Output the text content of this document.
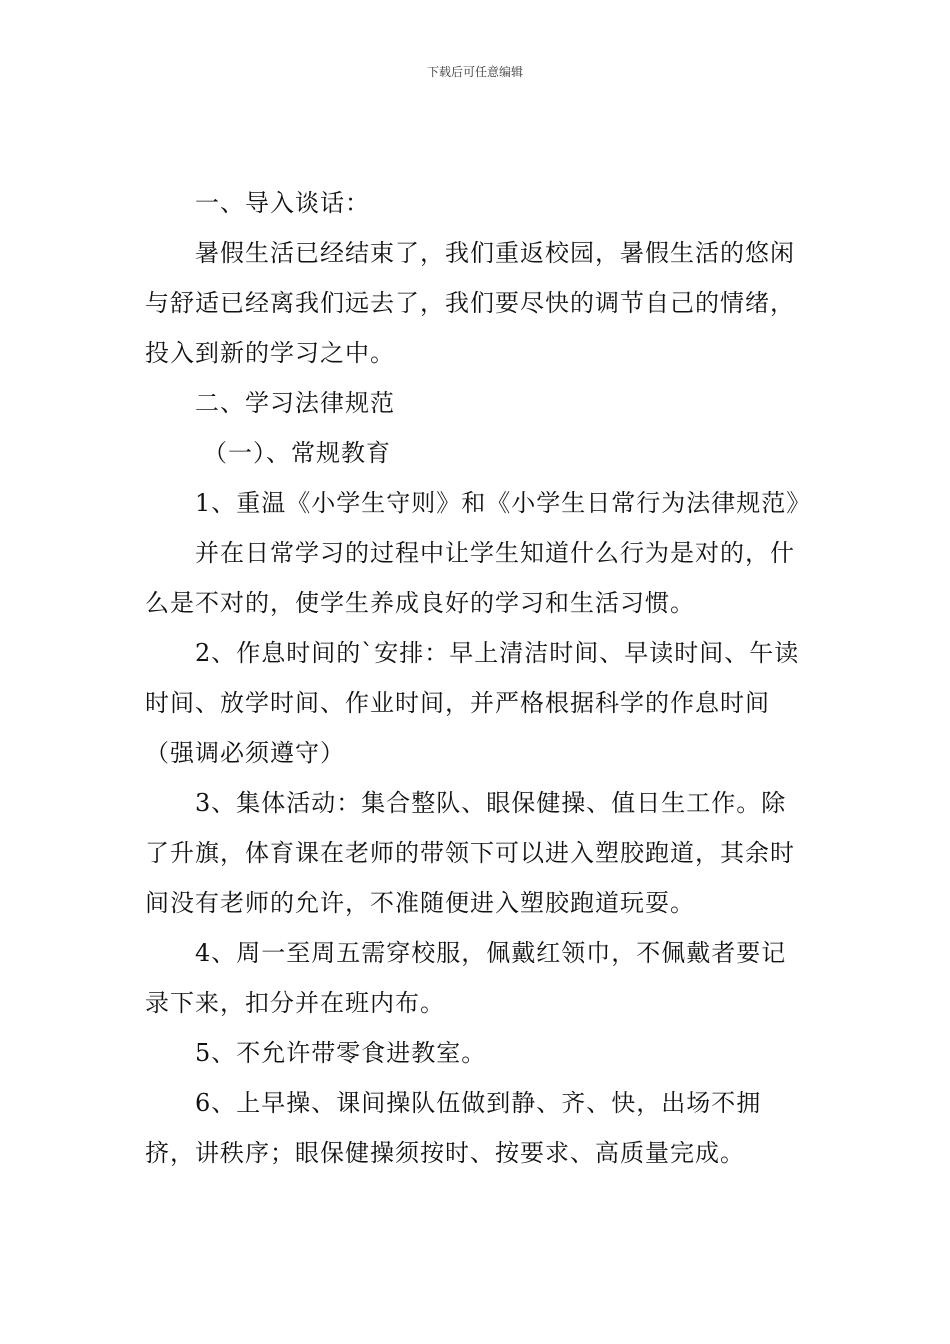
下载后可任意编辑

一、导入谈话：

暑假生活已经结束了，我们重返校园，暑假生活的悠闲与舒适已经离我们远去了，我们要尽快的调节自己的情绪，投入到新的学习之中。

二、学习法律规范

（一）、常规教育

1、重温《小学生守则》和《小学生日常行为法律规范》

并在日常学习的过程中让学生知道什么行为是对的，什么是不对的，使学生养成良好的学习和生活习惯。

2、作息时间的`安排：早上清洁时间、早读时间、午读时间、放学时间、作业时间，并严格根据科学的作息时间（强调必须遵守）

3、集体活动：集合整队、眼保健操、值日生工作。除了升旗，体育课在老师的带领下可以进入塑胶跑道，其余时间没有老师的允许，不准随便进入塑胶跑道玩耍。

4、周一至周五需穿校服，佩戴红领巾，不佩戴者要记录下来，扣分并在班内布。

5、不允许带零食进教室。

6、上早操、课间操队伍做到静、齐、快，出场不拥挤，讲秩序；眼保健操须按时、按要求、高质量完成。
